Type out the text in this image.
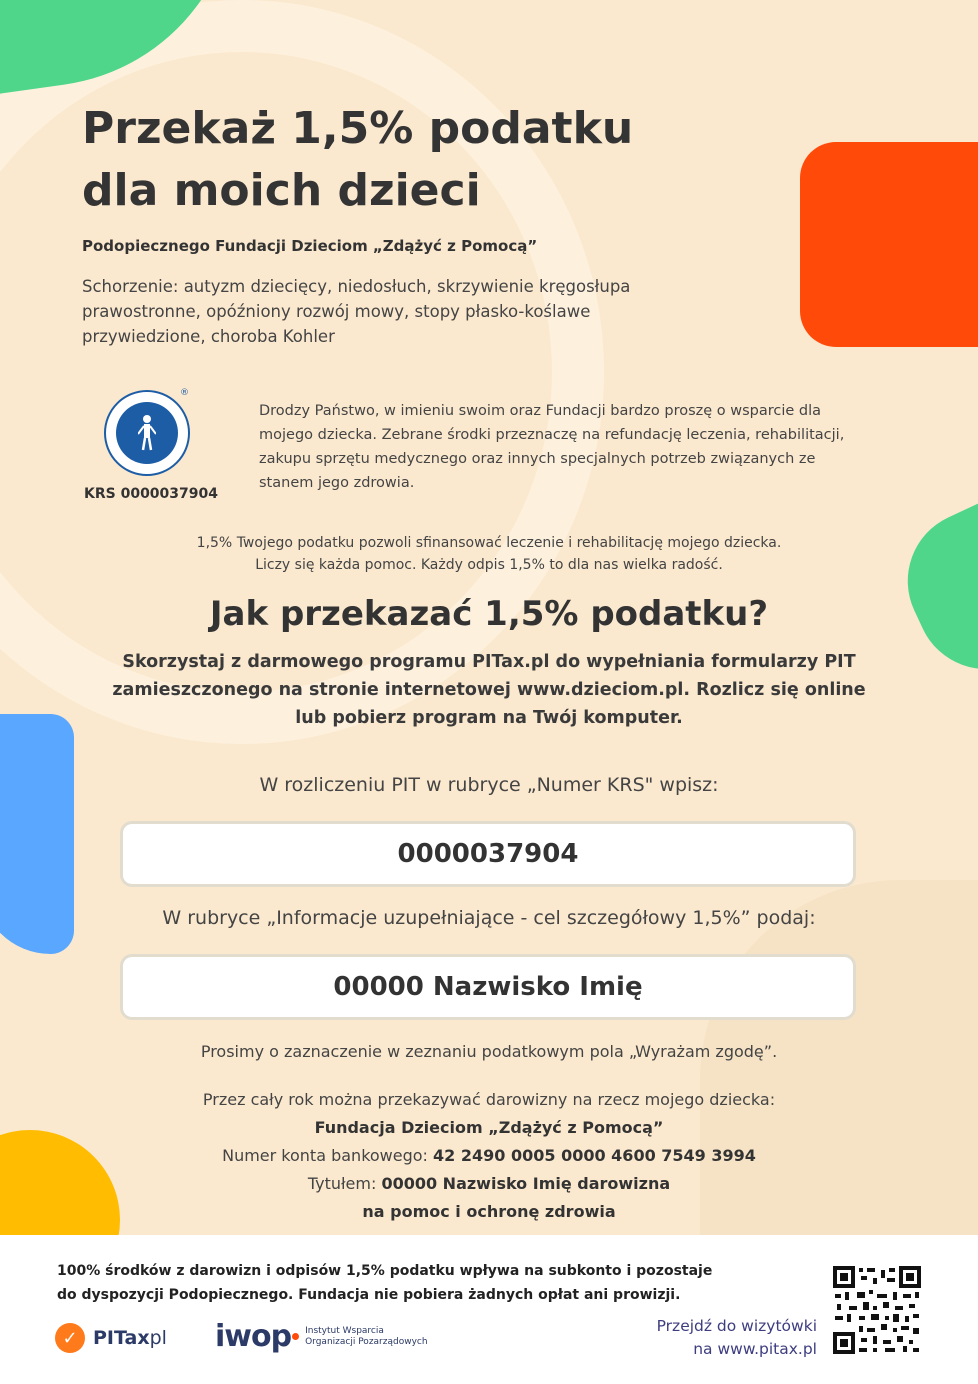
Przekaż 1,5% podatku
dla moich dzieci
Podopiecznego Fundacji Dzieciom „Zdążyć z Pomocą”
Schorzenie: autyzm dziecięcy, niedosłuch, skrzywienie kręgosłupa prawostronne, opóźniony rozwój mowy, stopy płasko-koślawe przywiedzione, choroba Kohler
®
KRS 0000037904
Drodzy Państwo, w imieniu swoim oraz Fundacji bardzo proszę o wsparcie dla mojego dziecka. Zebrane środki przeznaczę na refundację leczenia, rehabilitacji, zakupu sprzętu medycznego oraz innych specjalnych potrzeb związanych ze stanem jego zdrowia.
1,5% Twojego podatku pozwoli sfinansować leczenie i rehabilitację mojego dziecka.
Liczy się każda pomoc. Każdy odpis 1,5% to dla nas wielka radość.
Jak przekazać 1,5% podatku?
Skorzystaj z darmowego programu PITax.pl do wypełniania formularzy PIT
zamieszczonego na stronie internetowej www.dzieciom.pl. Rozlicz się online
lub pobierz program na Twój komputer.
W rozliczeniu PIT w rubryce „Numer KRS" wpisz:
0000037904
W rubryce „Informacje uzupełniające - cel szczegółowy 1,5%” podaj:
00000 Nazwisko Imię
Prosimy o zaznaczenie w zeznaniu podatkowym pola „Wyrażam zgodę”.
Przez cały rok można przekazywać darowizny na rzecz mojego dziecka:
Fundacja Dzieciom „Zdążyć z Pomocą”
Numer konta bankowego: 42 2490 0005 0000 4600 7549 3994
Tytułem: 00000 Nazwisko Imię darowizna
na pomoc i ochronę zdrowia
100% środków z darowizn i odpisów 1,5% podatku wpływa na subkonto i pozostaje
do dyspozycji Podopiecznego. Fundacja nie pobiera żadnych opłat ani prowizji.
✓ PITaxpl iwop Instytut Wsparcia
Organizacji Pozarządowych
Przejdź do wizytówki
na www.pitax.pl
